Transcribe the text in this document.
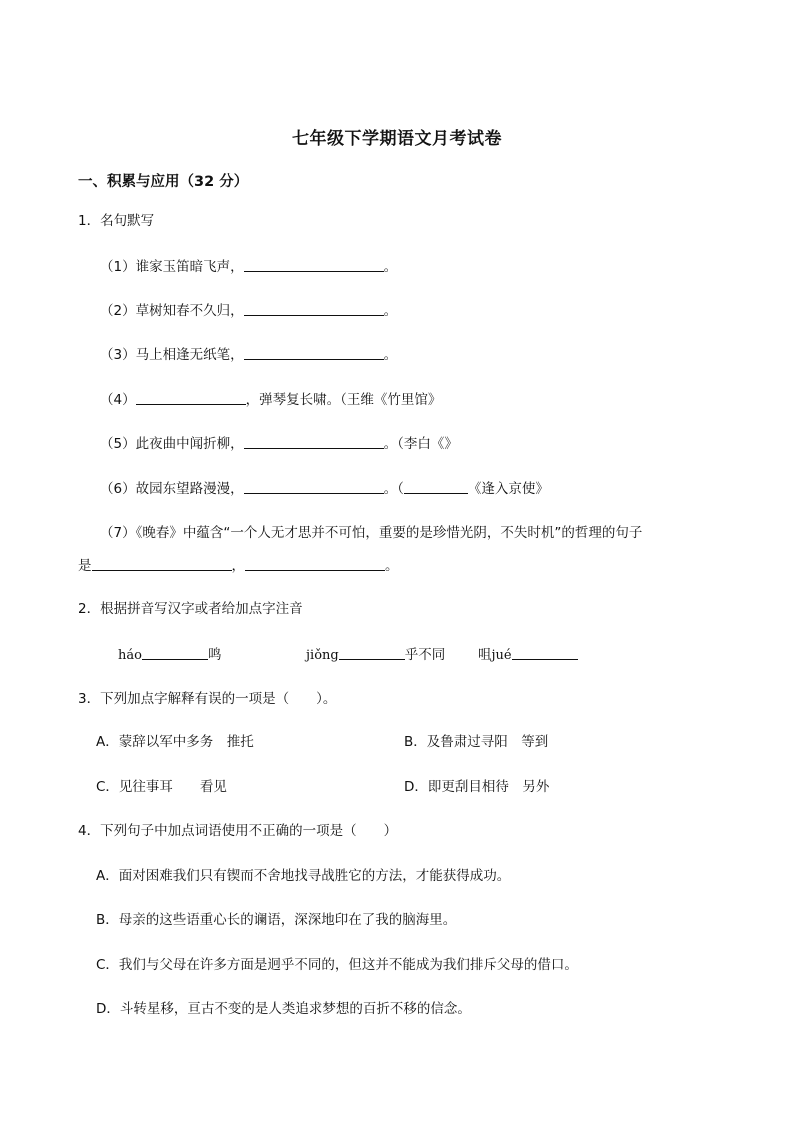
七年级下学期语文月考试卷
一、积累与应用（32 分）
1．名句默写
（1）谁家玉笛暗飞声，	。
（2）草树知春不久归，	。
（3）马上相逢无纸笔，	。
（4）	，弹琴复长啸。（王维《竹里馆》
（5）此夜曲中闻折柳，	。（李白《》
（6）故园东望路漫漫，	。（	《逢入京使》
（7）《晚春》中蕴含“一个人无才思并不可怕，重要的是珍惜光阴，不失时机”的哲理的句子
是	，	。
2．根据拼音写汉字或者给加点字注音
háo	鸣	jiǒng	乎不同 咀jué
3．下列加点字解释有误的一项是（　　）。
A．蒙辞以军中多务　推托	B．及鲁肃过寻阳　等到
C．见往事耳　　看见	D．即更刮目相待　另外
4．下列句子中加点词语使用不正确的一项是（　　）
A．面对困难我们只有锲而不舍地找寻战胜它的方法，才能获得成功。
B．母亲的这些语重心长的谰语，深深地印在了我的脑海里。
C．我们与父母在许多方面是迥乎不同的，但这并不能成为我们排斥父母的借口。
D．斗转星移，亘古不变的是人类追求梦想的百折不移的信念。
